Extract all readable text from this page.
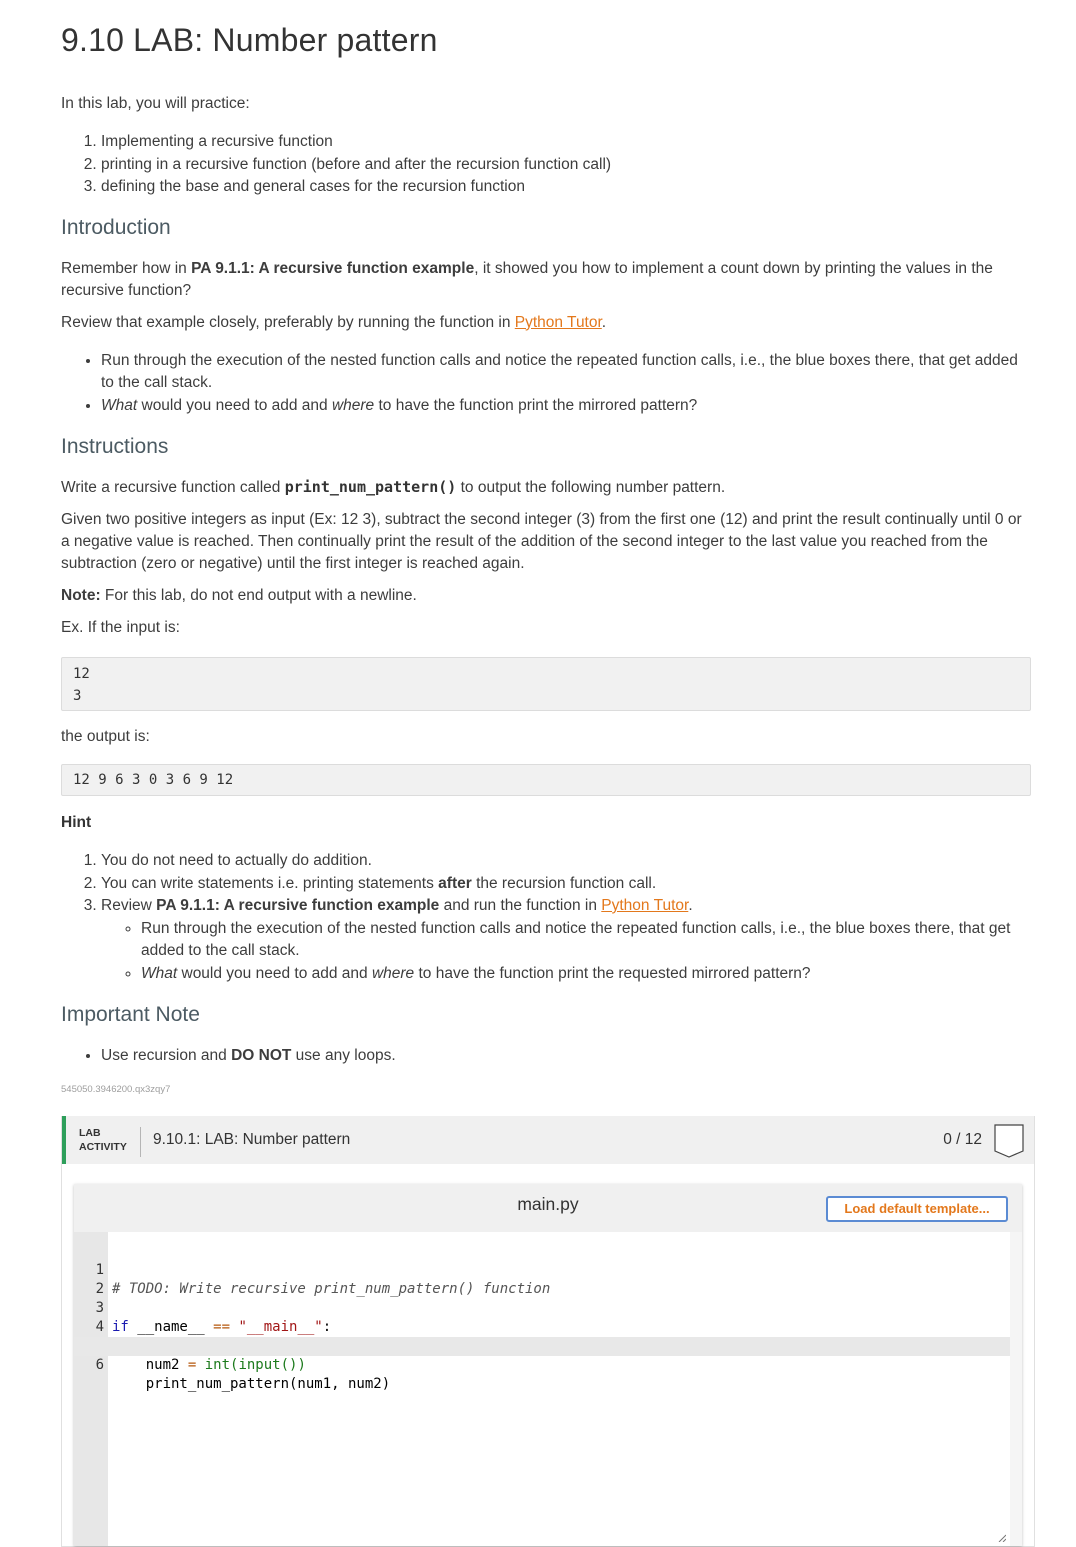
9.10 LAB: Number pattern

In this lab, you will practice:

1. Implementing a recursive function
2. printing in a recursive function (before and after the recursion function call)
3. defining the base and general cases for the recursion function
Introduction

Remember how in PA 9.1.1: A recursive function example, it showed you how to implement a count down by printing the values in the recursive function?

Review that example closely, preferably by running the function in Python Tutor.

• Run through the execution of the nested function calls and notice the repeated function calls, i.e., the blue boxes there, that get added to the call stack.
• What would you need to add and where to have the function print the mirrored pattern?
Instructions

Write a recursive function called print_num_pattern() to output the following number pattern.

Given two positive integers as input (Ex: 12 3), subtract the second integer (3) from the first one (12) and print the result continually until 0 or a negative value is reached. Then continually print the result of the addition of the second integer to the last value you reached from the subtraction (zero or negative) until the first integer is reached again.

Note: For this lab, do not end output with a newline.

Ex. If the input is:

12
3

the output is:

12 9 6 3 0 3 6 9 12

Hint

1. You do not need to actually do addition.
2. You can write statements i.e. printing statements after the recursion function call.
3. Review PA 9.1.1: A recursive function example and run the function in Python Tutor.
◦ Run through the execution of the nested function calls and notice the repeated function calls, i.e., the blue boxes there, that get added to the call stack.
◦ What would you need to add and where to have the function print the requested mirrored pattern?
Important Note
• Use recursion and DO NOT use any loops.
545050.3946200.qx3zqy7
LAB
ACTIVITY 9.10.1: LAB: Number pattern	0 / 12
main.py	Load default template...

1

# TODO: Write recursive print_num_pattern() function

2

3

if __name__ == "__main__":

4

num2 = int(input())

6

print_num_pattern(num1, num2)
